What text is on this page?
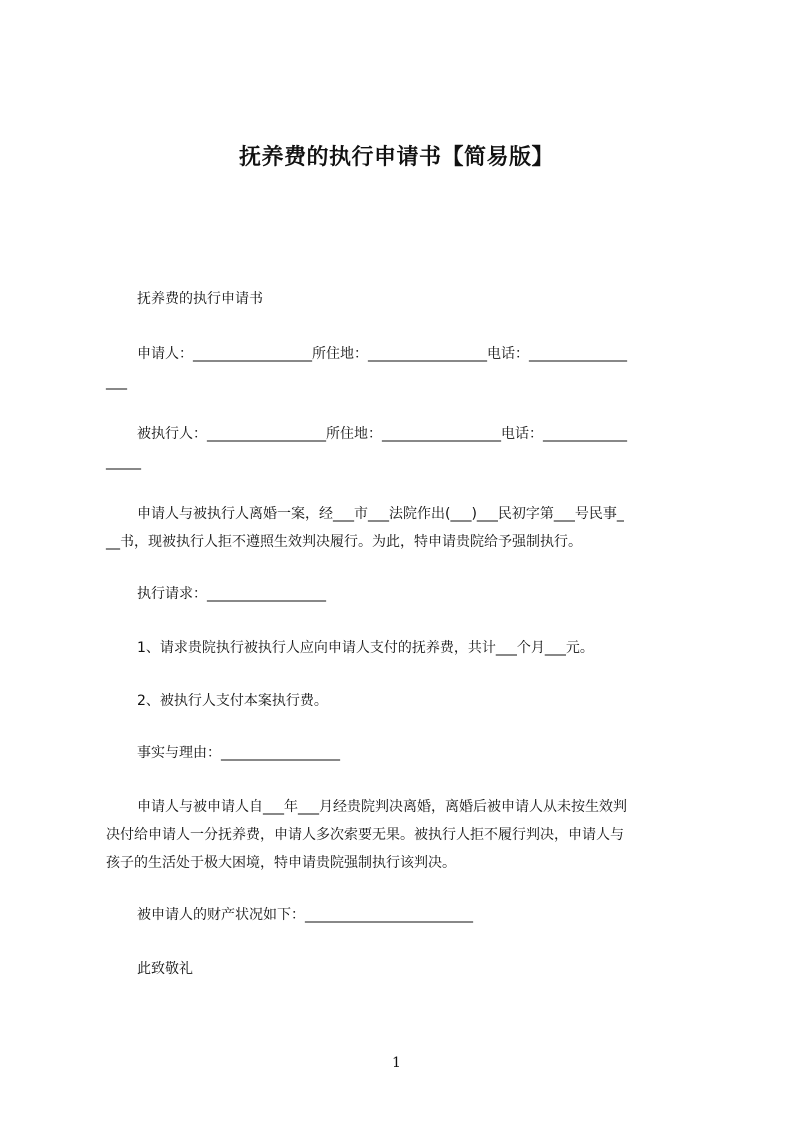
抚养费的执行申请书【简易版】
抚养费的执行申请书
申请人：_________________所住地：_________________电话：______________
___
被执行人：_________________所住地：_________________电话：____________
_____
申请人与被执行人离婚一案，经___市___法院作出(___)___民初字第___号民事_
__书，现被执行人拒不遵照生效判决履行。为此，特申请贵院给予强制执行。
执行请求：_________________
1、请求贵院执行被执行人应向申请人支付的抚养费，共计___个月___元。
2、被执行人支付本案执行费。
事实与理由：_________________
申请人与被申请人自___年___月经贵院判决离婚，离婚后被申请人从未按生效判
决付给申请人一分抚养费，申请人多次索要无果。被执行人拒不履行判决，申请人与
孩子的生活处于极大困境，特申请贵院强制执行该判决。
被申请人的财产状况如下：________________________
此致敬礼
1
